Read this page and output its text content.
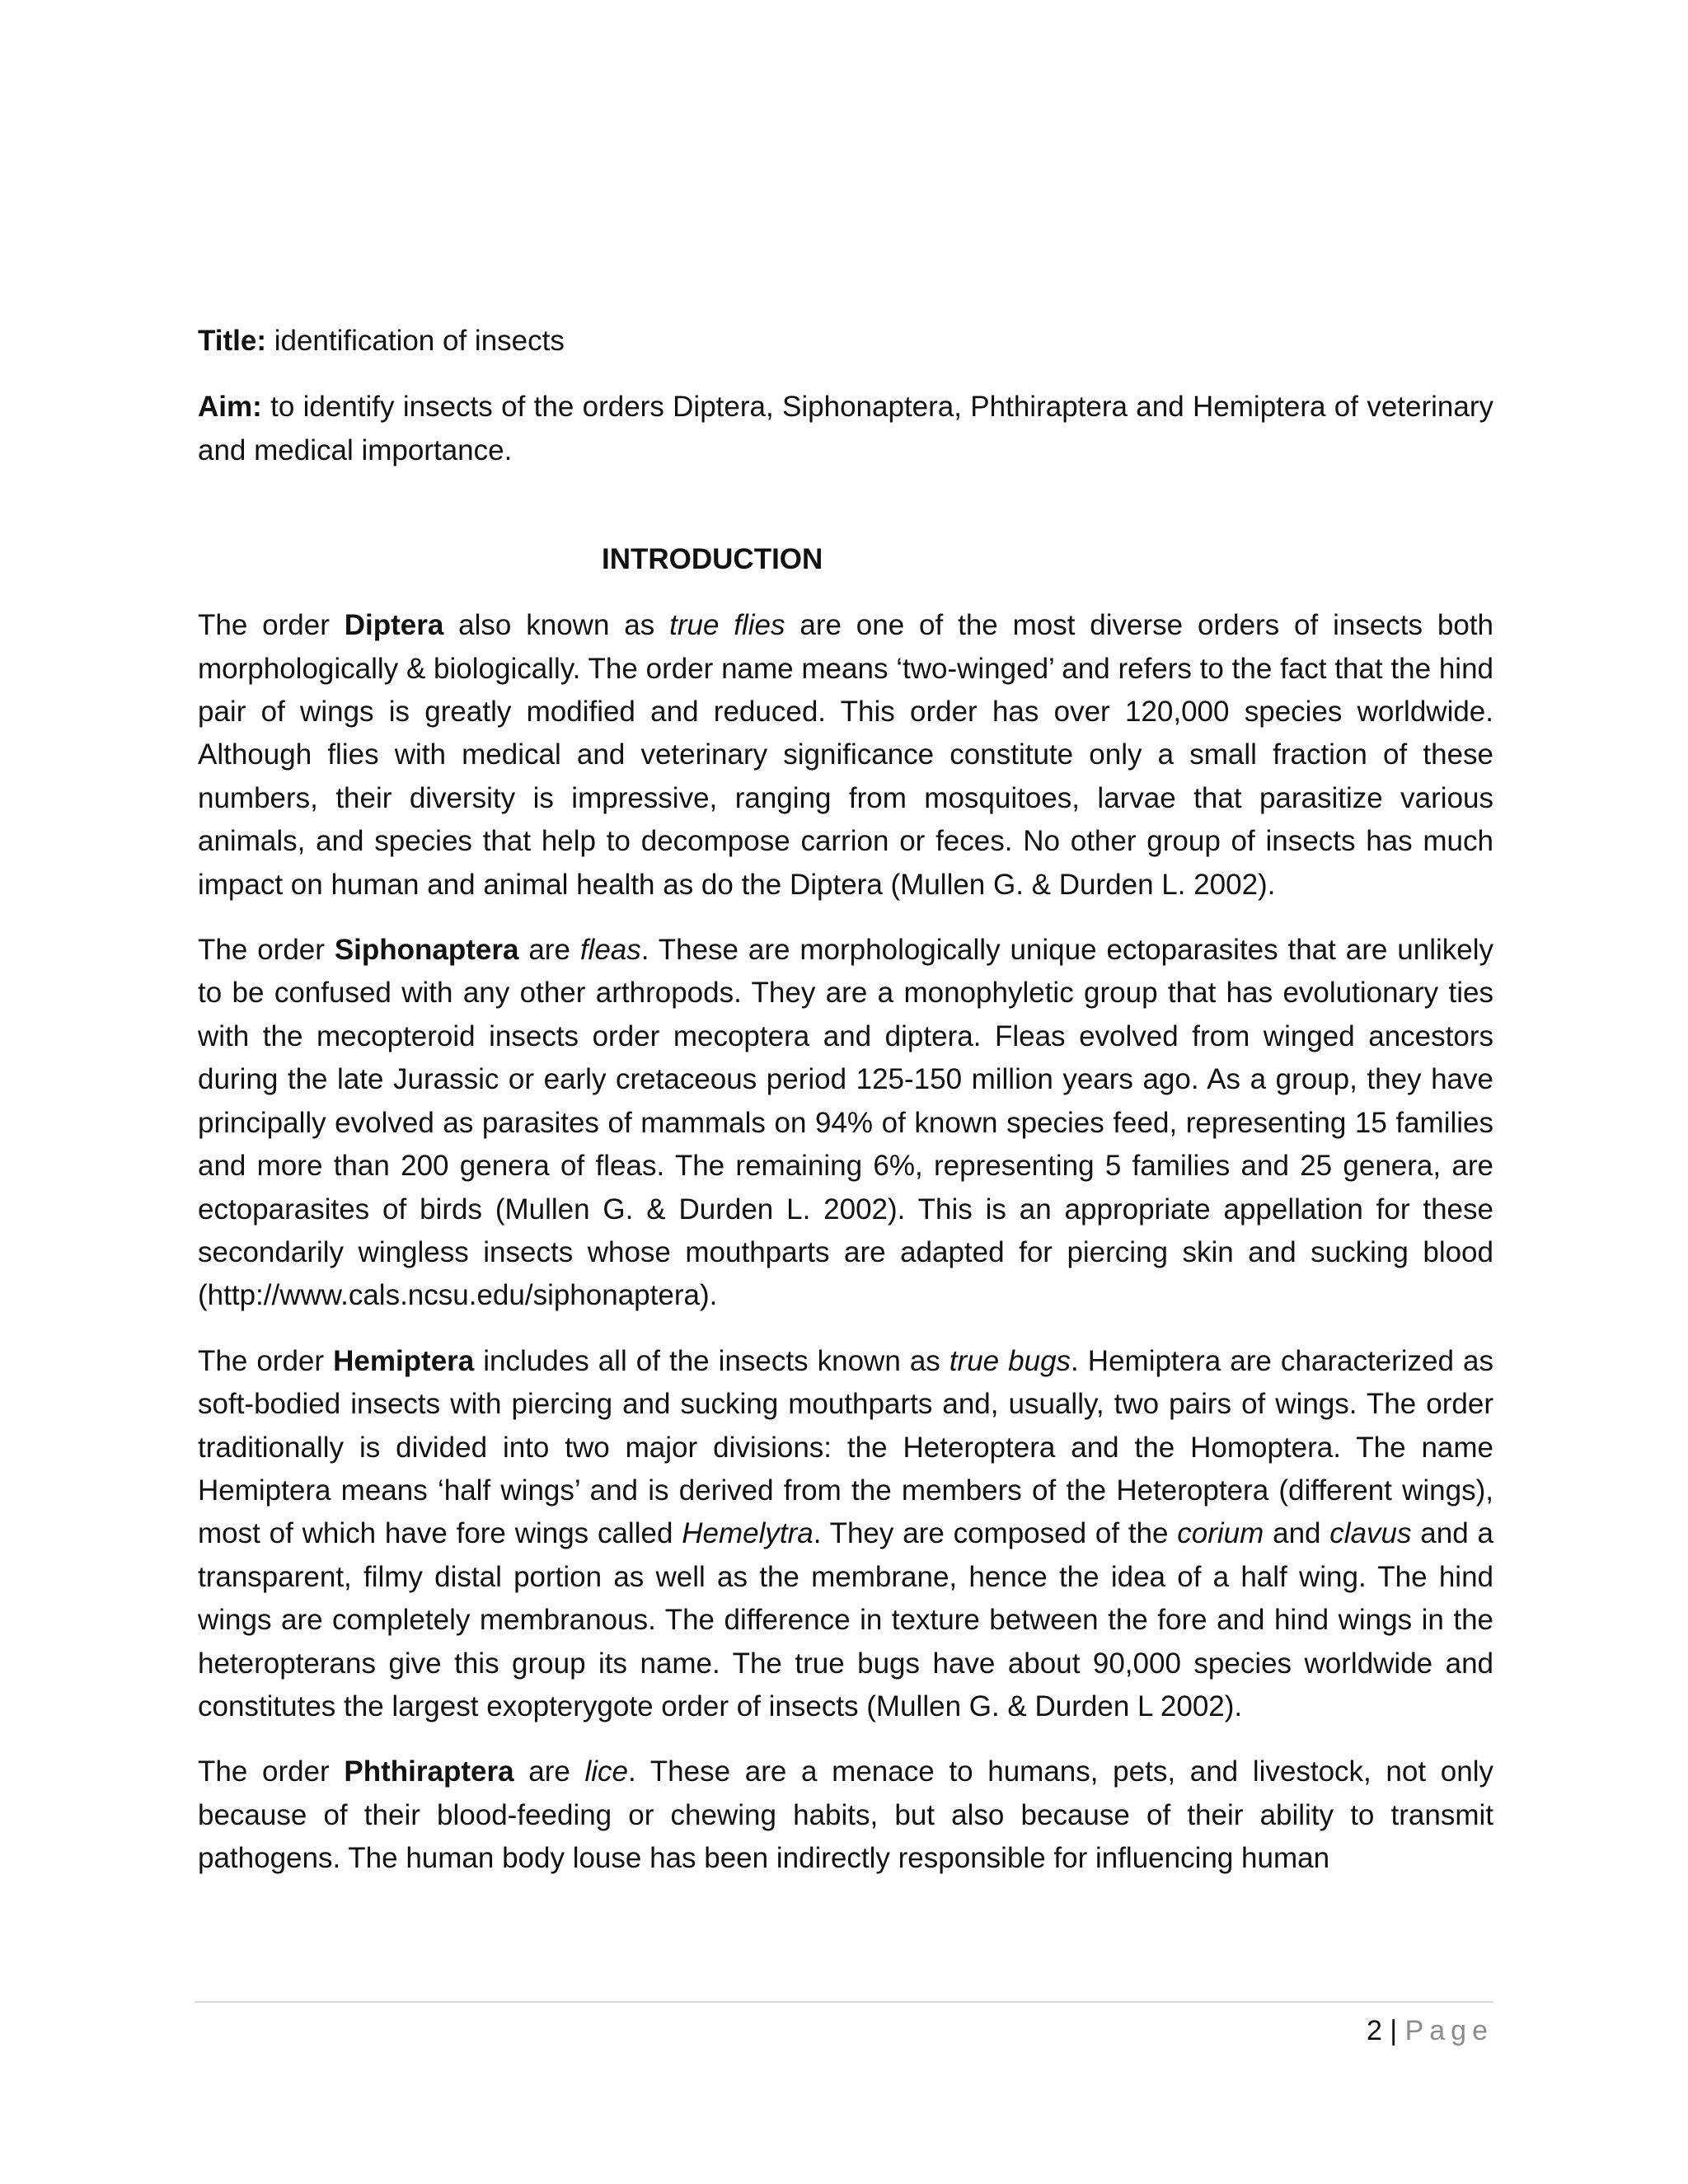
Title: identification of insects

Aim: to identify insects of the orders Diptera, Siphonaptera, Phthiraptera and Hemiptera of veterinary and medical importance.

INTRODUCTION

The order Diptera also known as true flies are one of the most diverse orders of insects both morphologically & biologically. The order name means ‘two-winged’ and refers to the fact that the hind pair of wings is greatly modified and reduced. This order has over 120,000 species worldwide. Although flies with medical and veterinary significance constitute only a small fraction of these numbers, their diversity is impressive, ranging from mosquitoes, larvae that parasitize various animals, and species that help to decompose carrion or feces. No other group of insects has much impact on human and animal health as do the Diptera (Mullen G. & Durden L. 2002).

The order Siphonaptera are fleas. These are morphologically unique ectoparasites that are unlikely to be confused with any other arthropods. They are a monophyletic group that has evolutionary ties with the mecopteroid insects order mecoptera and diptera. Fleas evolved from winged ancestors during the late Jurassic or early cretaceous period 125-150 million years ago. As a group, they have principally evolved as parasites of mammals on 94% of known species feed, representing 15 families and more than 200 genera of fleas. The remaining 6%, representing 5 families and 25 genera, are ectoparasites of birds (Mullen G. & Durden L. 2002). This is an appropriate appellation for these secondarily wingless insects whose mouthparts are adapted for piercing skin and sucking blood (http://www.cals.ncsu.edu/siphonaptera).

The order Hemiptera includes all of the insects known as true bugs. Hemiptera are characterized as soft-bodied insects with piercing and sucking mouthparts and, usually, two pairs of wings. The order traditionally is divided into two major divisions: the Heteroptera and the Homoptera. The name Hemiptera means ‘half wings’ and is derived from the members of the Heteroptera (different wings), most of which have fore wings called Hemelytra. They are composed of the corium and clavus and a transparent, filmy distal portion as well as the membrane, hence the idea of a half wing. The hind wings are completely membranous. The difference in texture between the fore and hind wings in the heteropterans give this group its name. The true bugs have about 90,000 species worldwide and constitutes the largest exopterygote order of insects (Mullen G. & Durden L 2002).

The order Phthiraptera are lice. These are a menace to humans, pets, and livestock, not only because of their blood-feeding or chewing habits, but also because of their ability to transmit pathogens. The human body louse has been indirectly responsible for influencing human

2 | Page
